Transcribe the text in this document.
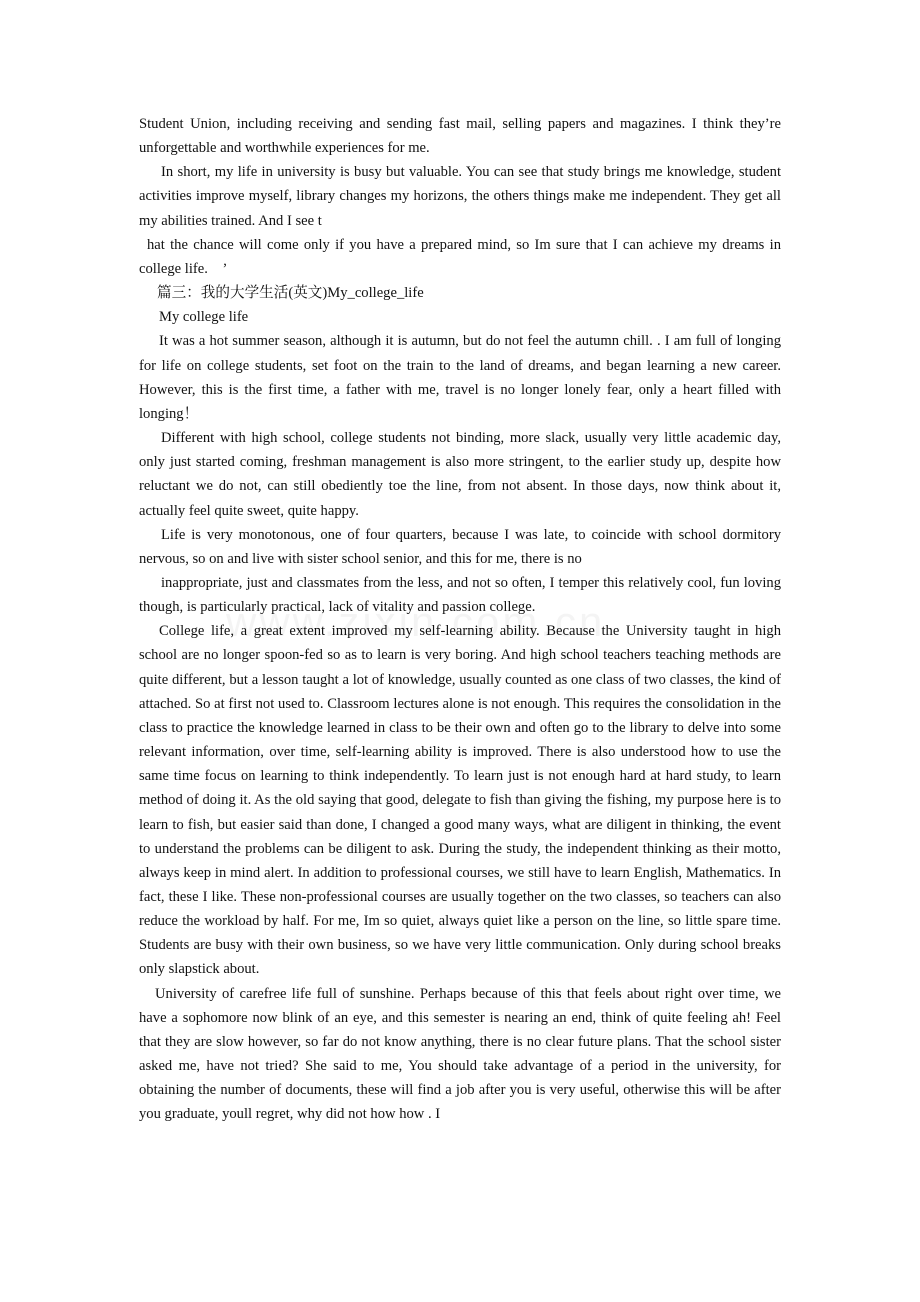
Student Union, including receiving and sending fast mail, selling papers and magazines. I think they’re unforgettable and worthwhile experiences for me.

In short, my life in university is busy but valuable. You can see that study brings me knowledge, student activities improve myself, library changes my horizons, the others things make me independent. They get all my abilities trained. And I see t

hat the chance will come only if you have a prepared mind, so Im sure that I can achieve my dreams in college life.　’

篇三：我的大学生活(英文)My_college_life

My college life

It was a hot summer season, although it is autumn, but do not feel the autumn chill. . I am full of longing for life on college students, set foot on the train to the land of dreams, and began learning a new career. However, this is the first time, a father with me, travel is no longer lonely fear, only a heart filled with longing！

Different with high school, college students not binding, more slack, usually very little academic day, only just started coming, freshman management is also more stringent, to the earlier study up, despite how reluctant we do not, can still obediently toe the line, from not absent. In those days, now think about it, actually feel quite sweet, quite happy.

Life is very monotonous, one of four quarters, because I was late, to coincide with school dormitory nervous, so on and live with sister school senior, and this for me, there is no

inappropriate, just and classmates from the less, and not so often, I temper this relatively cool, fun loving though, is particularly practical, lack of vitality and passion college.

College life, a great extent improved my self-learning ability. Because the University taught in high school are no longer spoon-fed so as to learn is very boring. And high school teachers teaching methods are quite different, but a lesson taught a lot of knowledge, usually counted as one class of two classes, the kind of attached. So at first not used to. Classroom lectures alone is not enough. This requires the consolidation in the class to practice the knowledge learned in class to be their own and often go to the library to delve into some relevant information, over time, self-learning ability is improved. There is also understood how to use the same time focus on learning to think independently. To learn just is not enough hard at hard study, to learn method of doing it. As the old saying that good, delegate to fish than giving the fishing, my purpose here is to learn to fish, but easier said than done, I changed a good many ways, what are diligent in thinking, the event to understand the problems can be diligent to ask. During the study, the independent thinking as their motto, always keep in mind alert. In addition to professional courses, we still have to learn English, Mathematics. In fact, these I like. These non-professional courses are usually together on the two classes, so teachers can also reduce the workload by half. For me, Im so quiet, always quiet like a person on the line, so little spare time. Students are busy with their own business, so we have very little communication. Only during school breaks only slapstick about.

University of carefree life full of sunshine. Perhaps because of this that feels about right over time, we have a sophomore now blink of an eye, and this semester is nearing an end, think of quite feeling ah! Feel that they are slow however, so far do not know anything, there is no clear future plans. That the school sister asked me, have not tried? She said to me, You should take advantage of a period in the university, for obtaining the number of documents, these will find a job after you is very useful, otherwise this will be after you graduate, youll regret, why did not how how . I
